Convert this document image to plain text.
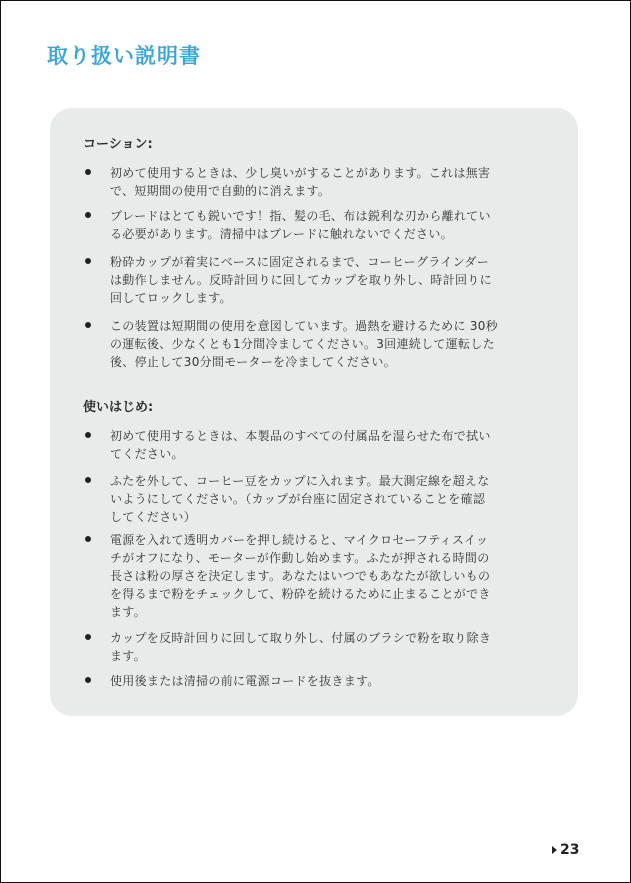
取り扱い説明書
コーション:
初めて使用するときは、少し臭いがすることがあります。これは無害
で、短期間の使用で自動的に消えます。
ブレードはとても鋭いです！指、髪の毛、布は鋭利な刃から離れてい
る必要があります。清掃中はブレードに触れないでください。
粉砕カップが着実にベースに固定されるまで、コーヒーグラインダー
は動作しません。反時計回りに回してカップを取り外し、時計回りに
回してロックします。
この装置は短期間の使用を意図しています。過熱を避けるために 30秒
の運転後、少なくとも1分間冷ましてください。3回連続して運転した
後、停止して30分間モーターを冷ましてください。
使いはじめ:
初めて使用するときは、本製品のすべての付属品を湿らせた布で拭い
てください。
ふたを外して、コーヒー豆をカップに入れます。最大測定線を超えな
いようにしてください。（カップが台座に固定されていることを確認
してください）
電源を入れて透明カバーを押し続けると、マイクロセーフティスイッ
チがオフになり、モーターが作動し始めます。ふたが押される時間の
長さは粉の厚さを決定します。あなたはいつでもあなたが欲しいもの
を得るまで粉をチェックして、粉砕を続けるために止まることができ
ます。
カップを反時計回りに回して取り外し、付属のブラシで粉を取り除き
ます。
使用後または清掃の前に電源コードを抜きます。
23
